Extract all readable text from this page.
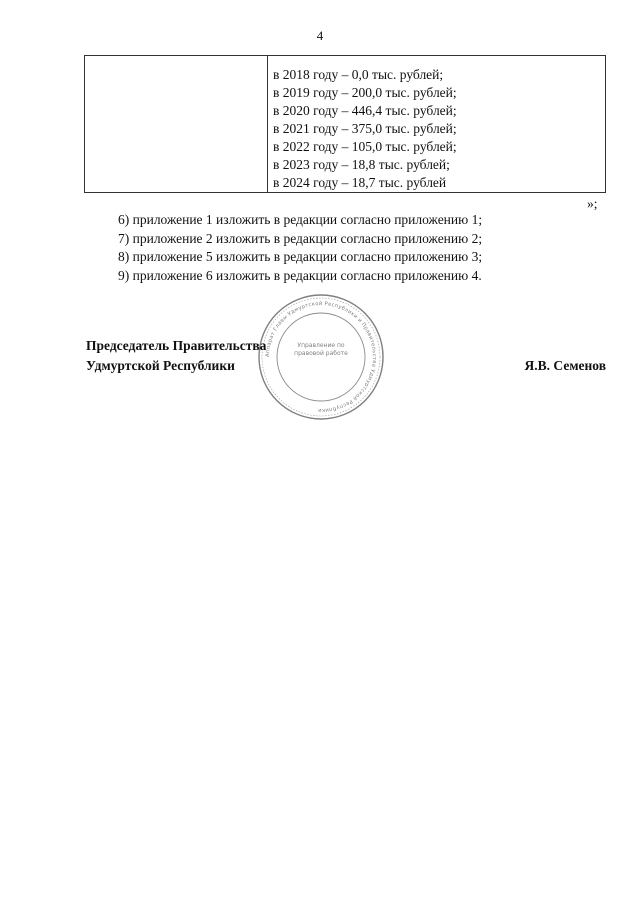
4

в 2018 году – 0,0 тыс. рублей;
в 2019 году – 200,0 тыс. рублей;
в 2020 году – 446,4 тыс. рублей;
в 2021 году – 375,0 тыс. рублей;
в 2022 году – 105,0 тыс. рублей;
в 2023 году – 18,8 тыс. рублей;
в 2024 году – 18,7 тыс. рублей
»;
6) приложение 1 изложить в редакции согласно приложению 1;
7) приложение 2 изложить в редакции согласно приложению 2;
8) приложение 5 изложить в редакции согласно приложению 3;
9) приложение 6 изложить в редакции согласно приложению 4.
Аппарат Главы Удмуртской Республики и Правительства Удмуртской Республики
Управление по правовой работе
Председатель Правительства
Удмуртской Республики	Я.В. Семенов
